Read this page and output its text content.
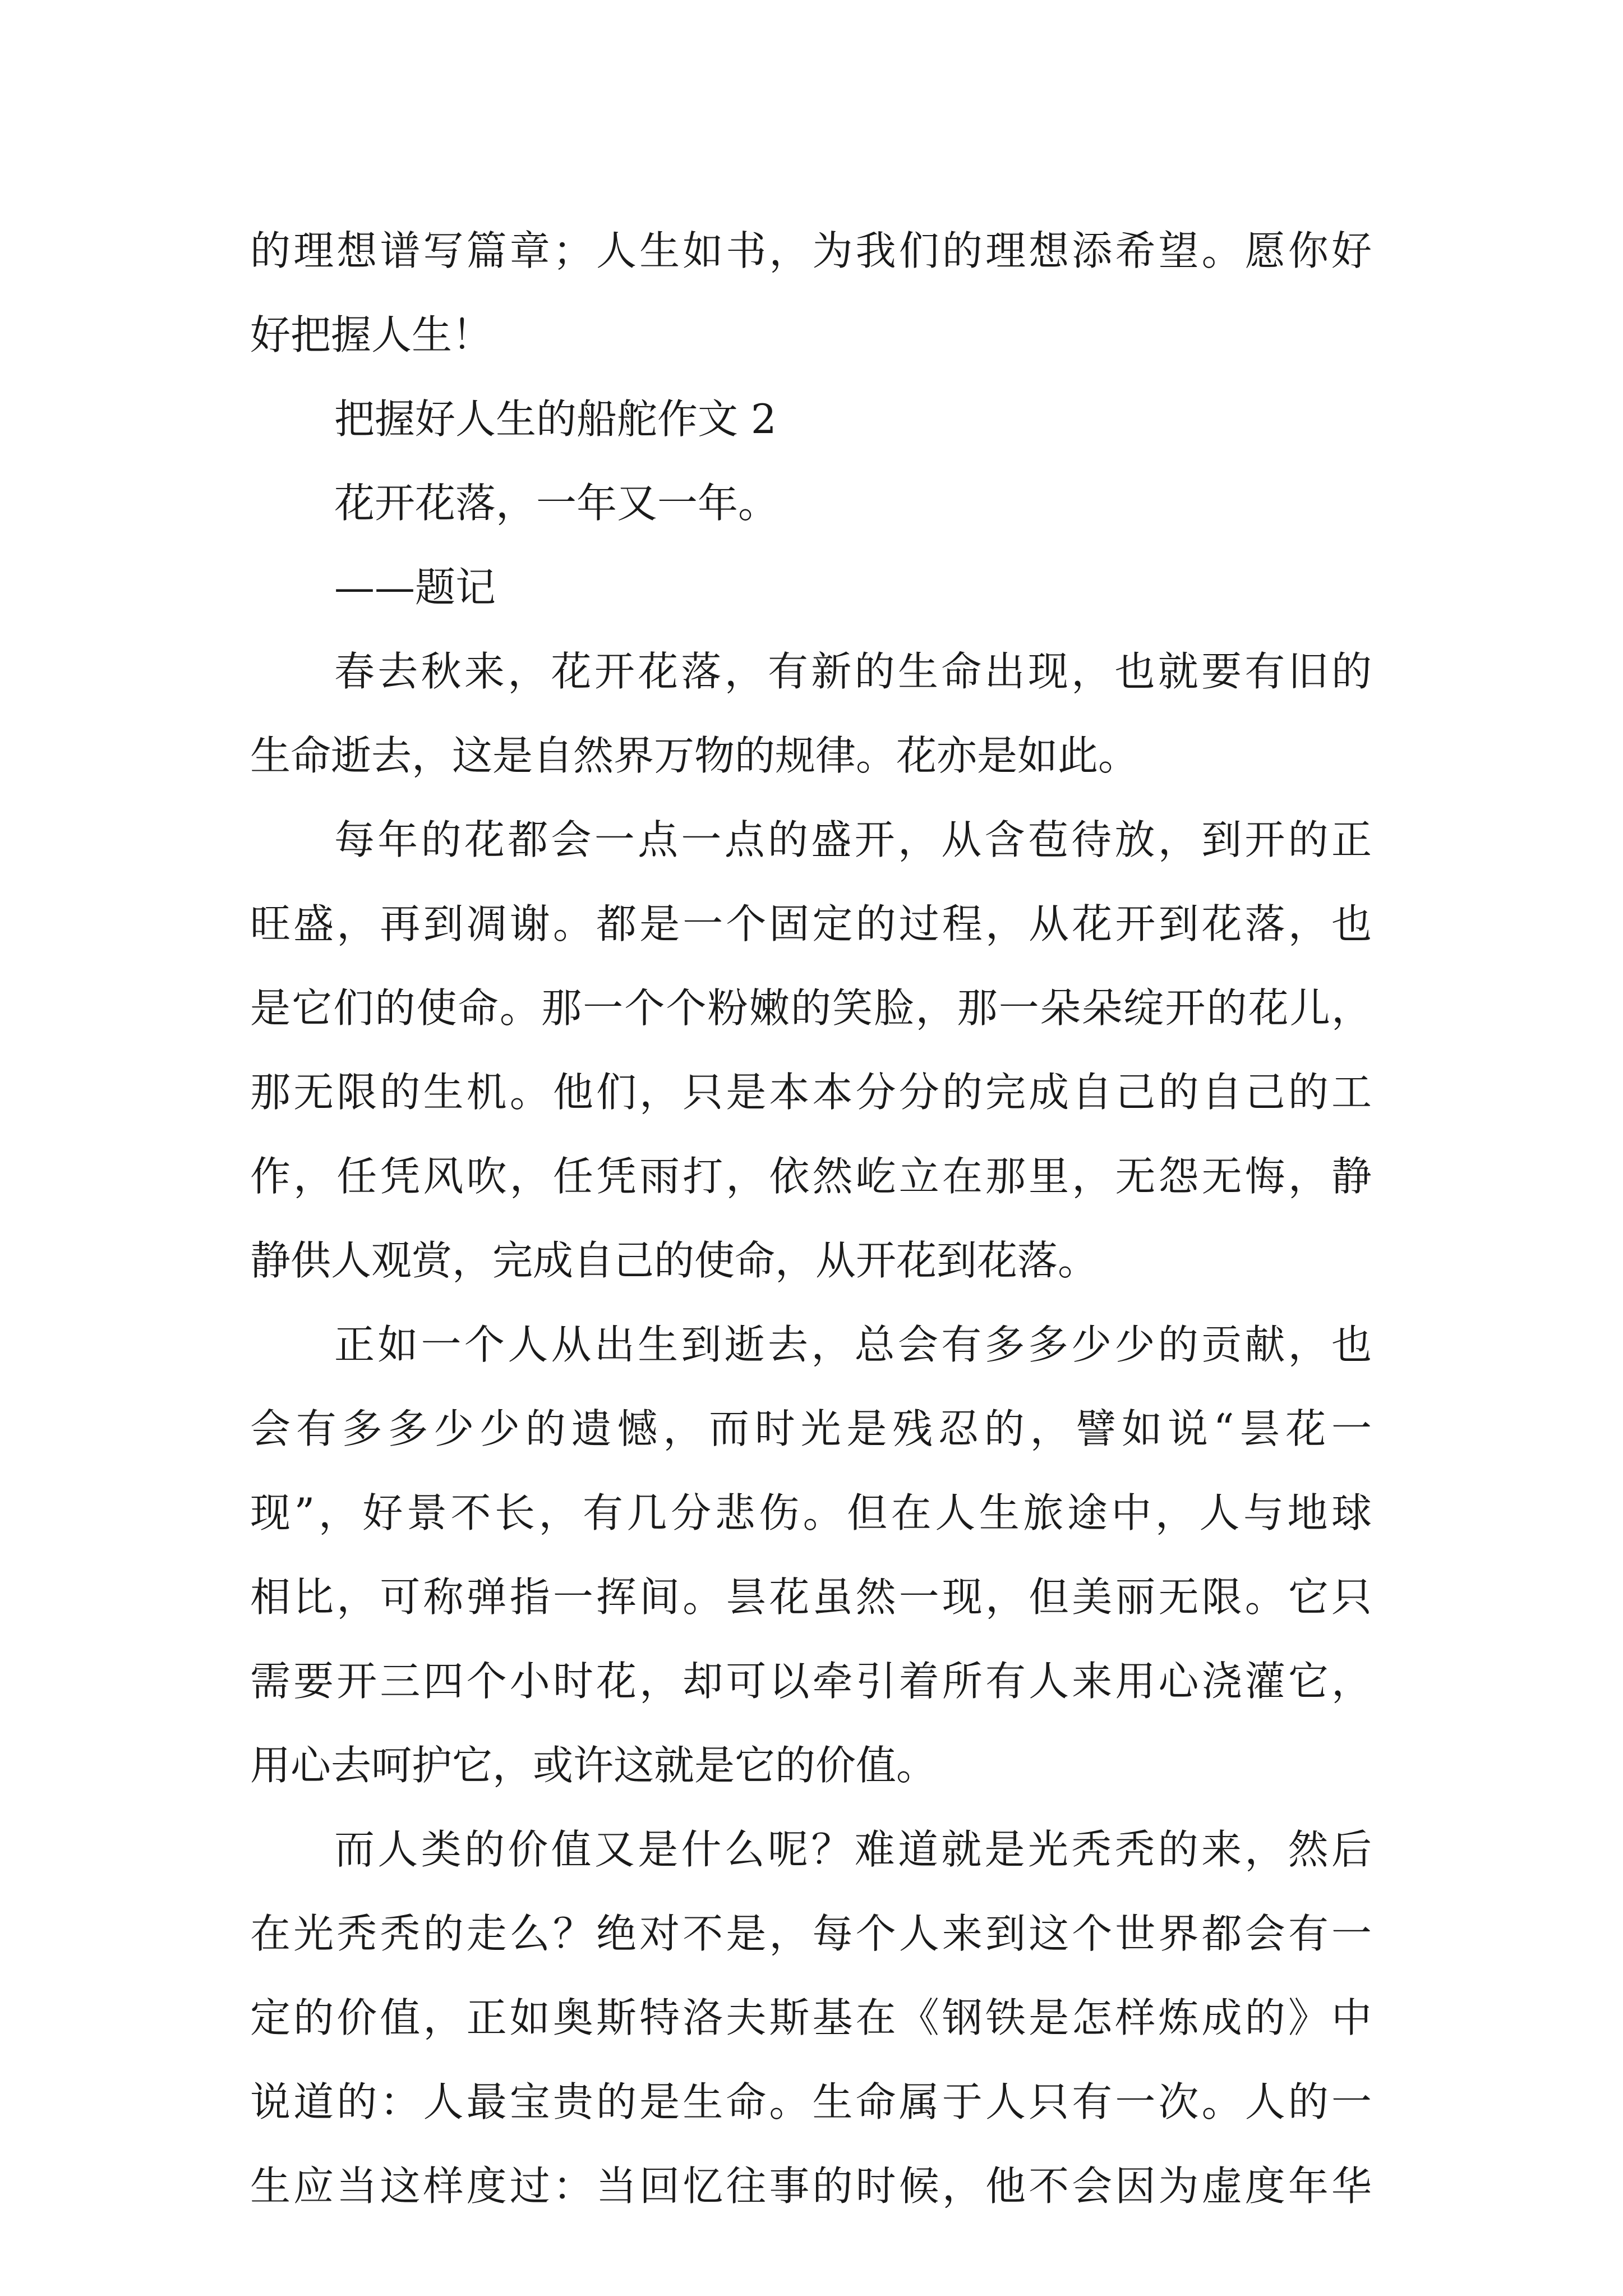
的理想谱写篇章；人生如书，为我们的理想添希望。愿你好

好把握人生！

把握好人生的船舵作文 2

花开花落，一年又一年。

——题记

春去秋来，花开花落，有新的生命出现，也就要有旧的

生命逝去，这是自然界万物的规律。花亦是如此。

每年的花都会一点一点的盛开，从含苞待放，到开的正

旺盛，再到凋谢。都是一个固定的过程，从花开到花落，也

是它们的使命。那一个个粉嫩的笑脸，那一朵朵绽开的花儿，

那无限的生机。他们，只是本本分分的完成自己的自己的工

作，任凭风吹，任凭雨打，依然屹立在那里，无怨无悔，静

静供人观赏，完成自己的使命，从开花到花落。

正如一个人从出生到逝去，总会有多多少少的贡献，也

会有多多少少的遗憾，而时光是残忍的，譬如说“昙花一

现”，好景不长，有几分悲伤。但在人生旅途中，人与地球

相比，可称弹指一挥间。昙花虽然一现，但美丽无限。它只

需要开三四个小时花，却可以牵引着所有人来用心浇灌它，

用心去呵护它，或许这就是它的价值。

而人类的价值又是什么呢？难道就是光秃秃的来，然后

在光秃秃的走么？绝对不是，每个人来到这个世界都会有一

定的价值，正如奥斯特洛夫斯基在《钢铁是怎样炼成的》中

说道的：人最宝贵的是生命。生命属于人只有一次。人的一

生应当这样度过：当回忆往事的时候，他不会因为虚度年华
